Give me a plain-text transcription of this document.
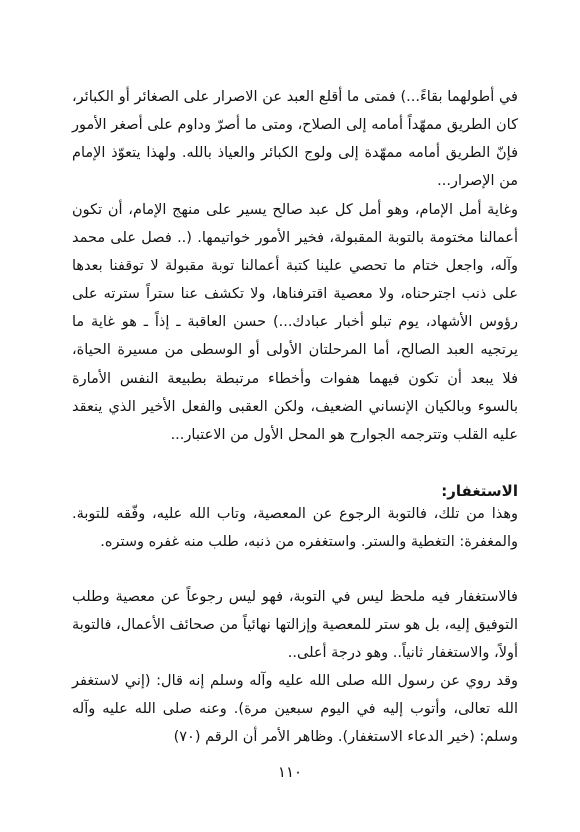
في أطولهما بقاءً...) فمتى ما أقلع العبد عن الاصرار على الصغائر أو الكبائر، كان الطريق ممهّداً أمامه إلى الصلاح، ومتى ما أصرّ وداوم على أصغر الأمور فإنّ الطريق أمامه ممهّدة إلى ولوج الكبائر والعياذ بالله. ولهذا يتعوّذ الإمام من الإصرار...

وغاية أمل الإمام، وهو أمل كل عبد صالح يسير على منهج الإمام، أن تكون أعمالنا مختومة بالتوبة المقبولة، فخير الأمور خواتيمها. (.. فصل على محمد وآله، واجعل ختام ما تحصي علينا كتبة أعمالنا توبة مقبولة لا توقفنا بعدها على ذنب اجترحناه، ولا معصية اقترفناها، ولا تكشف عنا ستراً سترته على رؤوس الأشهاد، يوم تبلو أخبار عبادك...) حسن العاقبة ـ إذاً ـ هو غاية ما يرتجيه العبد الصالح، أما المرحلتان الأولى أو الوسطى من مسيرة الحياة، فلا يبعد أن تكون فيهما هفوات وأخطاء مرتبطة بطبيعة النفس الأمارة بالسوء وبالكيان الإنساني الضعيف، ولكن العقبى والفعل الأخير الذي ينعقد عليه القلب وتترجمه الجوارح هو المحل الأول من الاعتبار...

الاستغفار:

وهذا من تلك، فالتوبة الرجوع عن المعصية، وتاب الله عليه، وفّقه للتوبة. والمغفرة: التغطية والستر. واستغفره من ذنبه، طلب منه غفره وستره.

فالاستغفار فيه ملحظ ليس في التوبة، فهو ليس رجوعاً عن معصية وطلب التوفيق إليه، بل هو ستر للمعصية وإزالتها نهائياً من صحائف الأعمال، فالتوبة أولاً، والاستغفار ثانياً.. وهو درجة أعلى..

وقد روي عن رسول الله صلى الله عليه وآله وسلم إنه قال: (إني لاستغفر الله تعالى، وأتوب إليه في اليوم سبعين مرة). وعنه صلى الله عليه وآله وسلم: (خير الدعاء الاستغفار). وظاهر الأمر أن الرقم (٧٠)

١١٠
